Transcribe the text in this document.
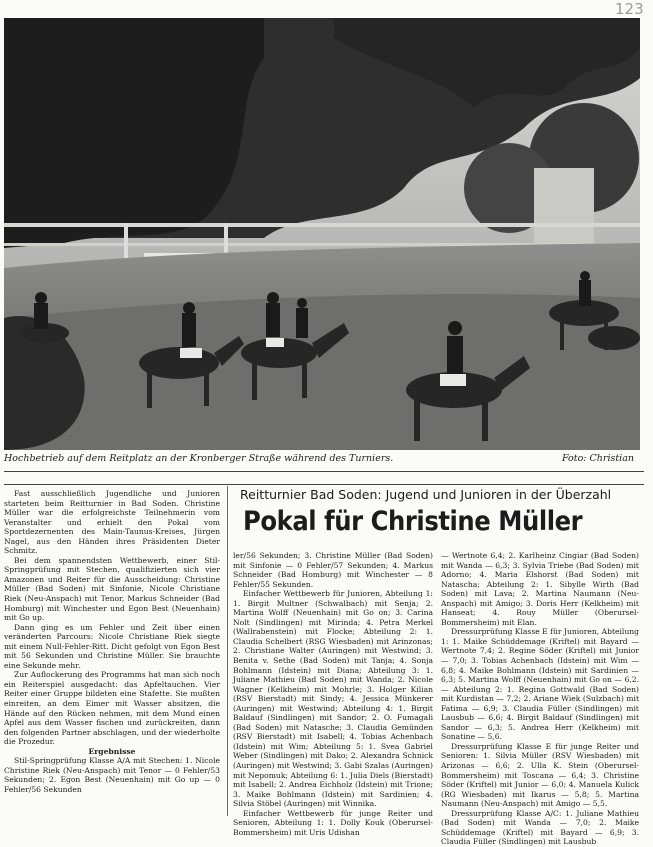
123
Hochbetrieb auf dem Reitplatz an der Kronberger Straße während des Turniers.	Foto: Christian

Fast ausschließlich Jugendliche und Junioren starteten beim Reitturnier in Bad Soden. Christine Müller war die erfolgreichste Teilnehmerin vom Veranstalter und erhielt den Pokal vom Sportdezernenten des Main-Taunus-Kreises, Jürgen Nagel, aus den Händen ihres Präsidenten Dieter Schmitz.

Bei dem spannendsten Wettbewerb, einer Stil-Springprüfung mit Stechen, qualifizierten sich vier Amazonen und Reiter für die Ausscheidung: Christine Müller (Bad Soden) mit Sinfonie, Nicole Christiane Riek (Neu-Anspach) mit Tenor, Markus Schneider (Bad Homburg) mit Winchester und Egon Best (Neuenhain) mit Go up.

Dann ging es um Fehler und Zeit über einen veränderten Parcours: Nicole Christiane Riek siegte mit einem Null-Fehler-Ritt. Dicht gefolgt von Egon Best mit 56 Sekunden und Christine Müller. Sie brauchte eine Sekunde mehr.

Zur Auflockerung des Programms hat man sich noch ein Reiterspiel ausgedacht: das Apfeltauchen. Vier Reiter einer Gruppe bildeten eine Stafette. Sie mußten einreiten, an dem Eimer mit Wasser absitzen, die Hände auf den Rücken nehmen, mit dem Mund einen Apfel aus dem Wasser fischen und zurückreiten, dann den folgenden Partner abschlagen, und der wiederholte die Prozedur.

Ergebnisse

Stil-Springprüfung Klasse A/A mit Stechen: 1. Nicole Christine Riek (Neu-Anspach) mit Tenor — 0 Fehler/53 Sekunden; 2. Egon Best (Neuenhain) mit Go up — 0 Fehler/56 Sekunden

Reitturnier Bad Soden: Jugend und Junioren in der Überzahl
Pokal für Christine Müller

ler/56 Sekunden; 3. Christine Müller (Bad Soden) mit Sinfonie — 0 Fehler/57 Sekunden; 4. Markus Schneider (Bad Homburg) mit Winchester — 8 Fehler/55 Sekunden.

Einfacher Wettbewerb für Junioren, Abteilung 1: 1. Birgit Multner (Schwalbach) mit Senja; 2. Martina Wolff (Neuenhain) mit Go on; 3. Carina Nolt (Sindlingen) mit Mirinda; 4. Petra Merkel (Wallrabenstein) mit Flocke; Abteilung 2: 1. Claudia Schelbert (RSG Wiesbaden) mit Arinzonas; 2. Christiane Walter (Auringen) mit Westwind; 3. Benita v. Sethe (Bad Soden) mit Tanja; 4. Sonja Bohlmann (Idstein) mit Diana; Abteilung 3: 1. Juliane Mathieu (Bad Soden) mit Wanda; 2. Nicole Wagner (Kelkheim) mit Mohrle; 3. Holger Kilian (RSV Bierstadt) mit Sindy; 4. Jessica Münkerer (Auringen) mit Westwind; Abteilung 4: 1. Birgit Baldauf (Sindlingen) mit Sandor; 2. O. Fumagali (Bad Soden) mit Natasche; 3. Claudia Gemünden (RSV Bierstadt) mit Isabell; 4. Tobias Achenbach (Idstein) mit Wim; Abteilung 5: 1. Svea Gabriel Weber (Sindlingen) mit Dako; 2. Alexandra Schnick (Auringen) mit Westwind; 3. Gabi Szalas (Auringen) mit Nepomuk; Abteilung 6: 1. Julia Diels (Bierstadt) mit Isabell; 2. Andrea Eichholz (Idstein) mit Trione; 3. Maike Bohlmann (Idstein) mit Sardinien; 4. Silvia Stöbel (Auringen) mit Winnika.

Einfacher Wettbewerb für junge Reiter und Senioren, Abteilung 1: 1. Dolly Kouk (Oberursel-Bommersheim) mit Uris Udishan

— Wertnote 6,4; 2. Karlheinz Cingiar (Bad Soden) mit Wanda — 6,3; 3. Sylvia Triebe (Bad Soden) mit Adorno; 4. Maria Elshorst (Bad Soden) mit Natascha; Abteilung 2: 1. Sibylle Wirth (Bad Soden) mit Lava; 2. Martina Naumann (Neu-Anspach) mit Amigo; 3. Doris Herr (Kelkheim) mit Hanseat; 4. Rouy Müller (Oberursel-Bommersheim) mit Elan.

Dressurprüfung Klasse E für Junioren, Abteilung 1: 1. Maike Schüddemage (Kriftel) mit Bayard — Wertnote 7,4; 2. Regine Söder (Kriftel) mit Junior — 7,0; 3. Tobias Achenbach (Idstein) mit Wim — 6,8; 4. Maike Bohlmann (Idstein) mit Sardinien — 6,3; 5. Martina Wolff (Neuenhain) mit Go on — 6,2. — Abteilung 2: 1. Regina Gottwald (Bad Soden) mit Kurdistan — 7,2; 2. Ariane Wiek (Sulzbach) mit Fatima — 6,9; 3. Claudia Füller (Sindlingen) mit Lausbub — 6,6; 4. Birgit Baldauf (Sindlingen) mit Sandor — 6,3; 5. Andrea Herr (Kelkheim) mit Sonatine — 5,6.

Dressurprüfung Klasse E für junge Reiter und Senioren: 1. Silvia Müller (RSV Wiesbaden) mit Arizonas — 6,6; 2. Ulla K. Stein (Oberursel-Bommersheim) mit Toscana — 6,4; 3. Christine Söder (Kriftel) mit Junior — 6,0; 4. Manuela Kulick (RG Wiesbaden) mit Ikarus — 5,8; 5. Martina Naumann (Neu-Anspach) mit Amigo — 5,5.

Dressurprüfung Klasse A/C: 1. Juliane Mathieu (Bad Soden) mit Wanda — 7,0; 2. Maike Schüddemage (Kriftel) mit Bayard — 6,9; 3. Claudia Füller (Sindlingen) mit Lausbub
